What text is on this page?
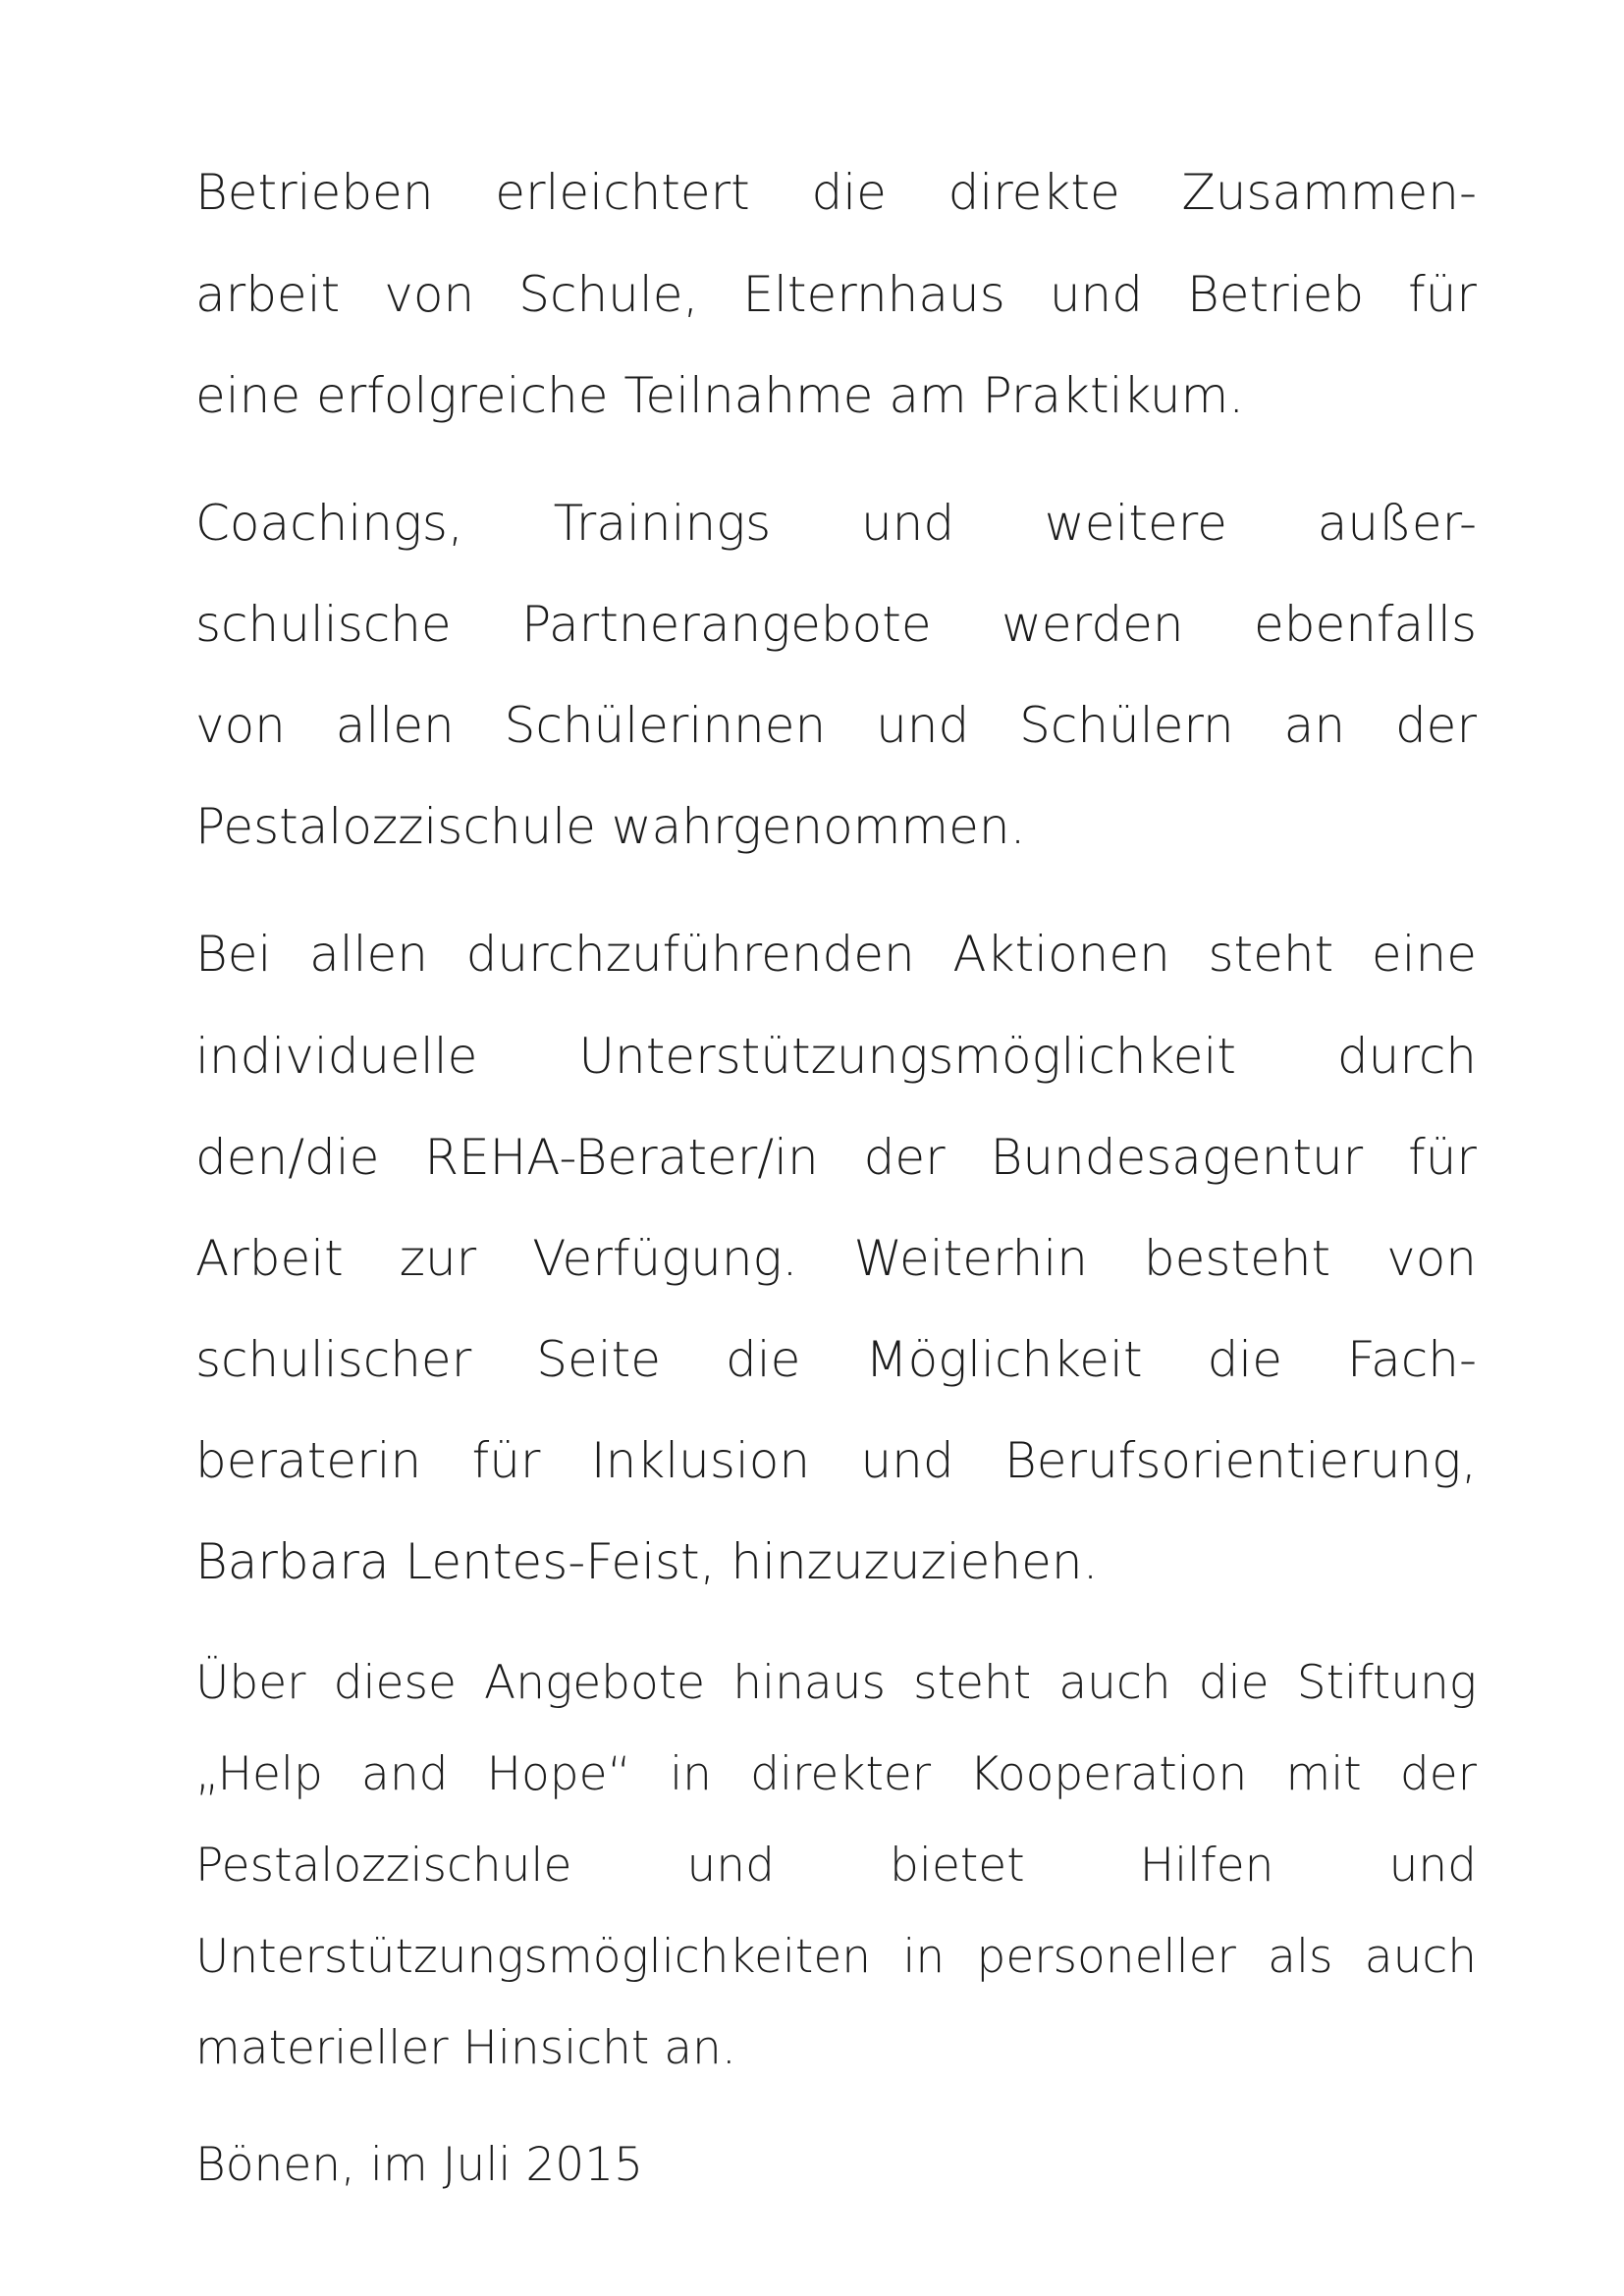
Betrieben erleichtert die direkte Zusammen-

arbeit von Schule, Elternhaus und Betrieb für

eine erfolgreiche Teilnahme am Praktikum.

Coachings, Trainings und weitere außer-

schulische Partnerangebote werden ebenfalls

von allen Schülerinnen und Schülern an der

Pestalozzischule wahrgenommen.

Bei allen durchzuführenden Aktionen steht eine

individuelle Unterstützungsmöglichkeit durch

den/die REHA-Berater/in der Bundesagentur für

Arbeit zur Verfügung. Weiterhin besteht von

schulischer Seite die Möglichkeit die Fach-

beraterin für Inklusion und Berufsorientierung,

Barbara Lentes-Feist, hinzuzuziehen.

Über diese Angebote hinaus steht auch die Stiftung

„Help and Hope“ in direkter Kooperation mit der

Pestalozzischule und bietet Hilfen und

Unterstützungsmöglichkeiten in personeller als auch

materieller Hinsicht an.

Bönen, im Juli 2015
